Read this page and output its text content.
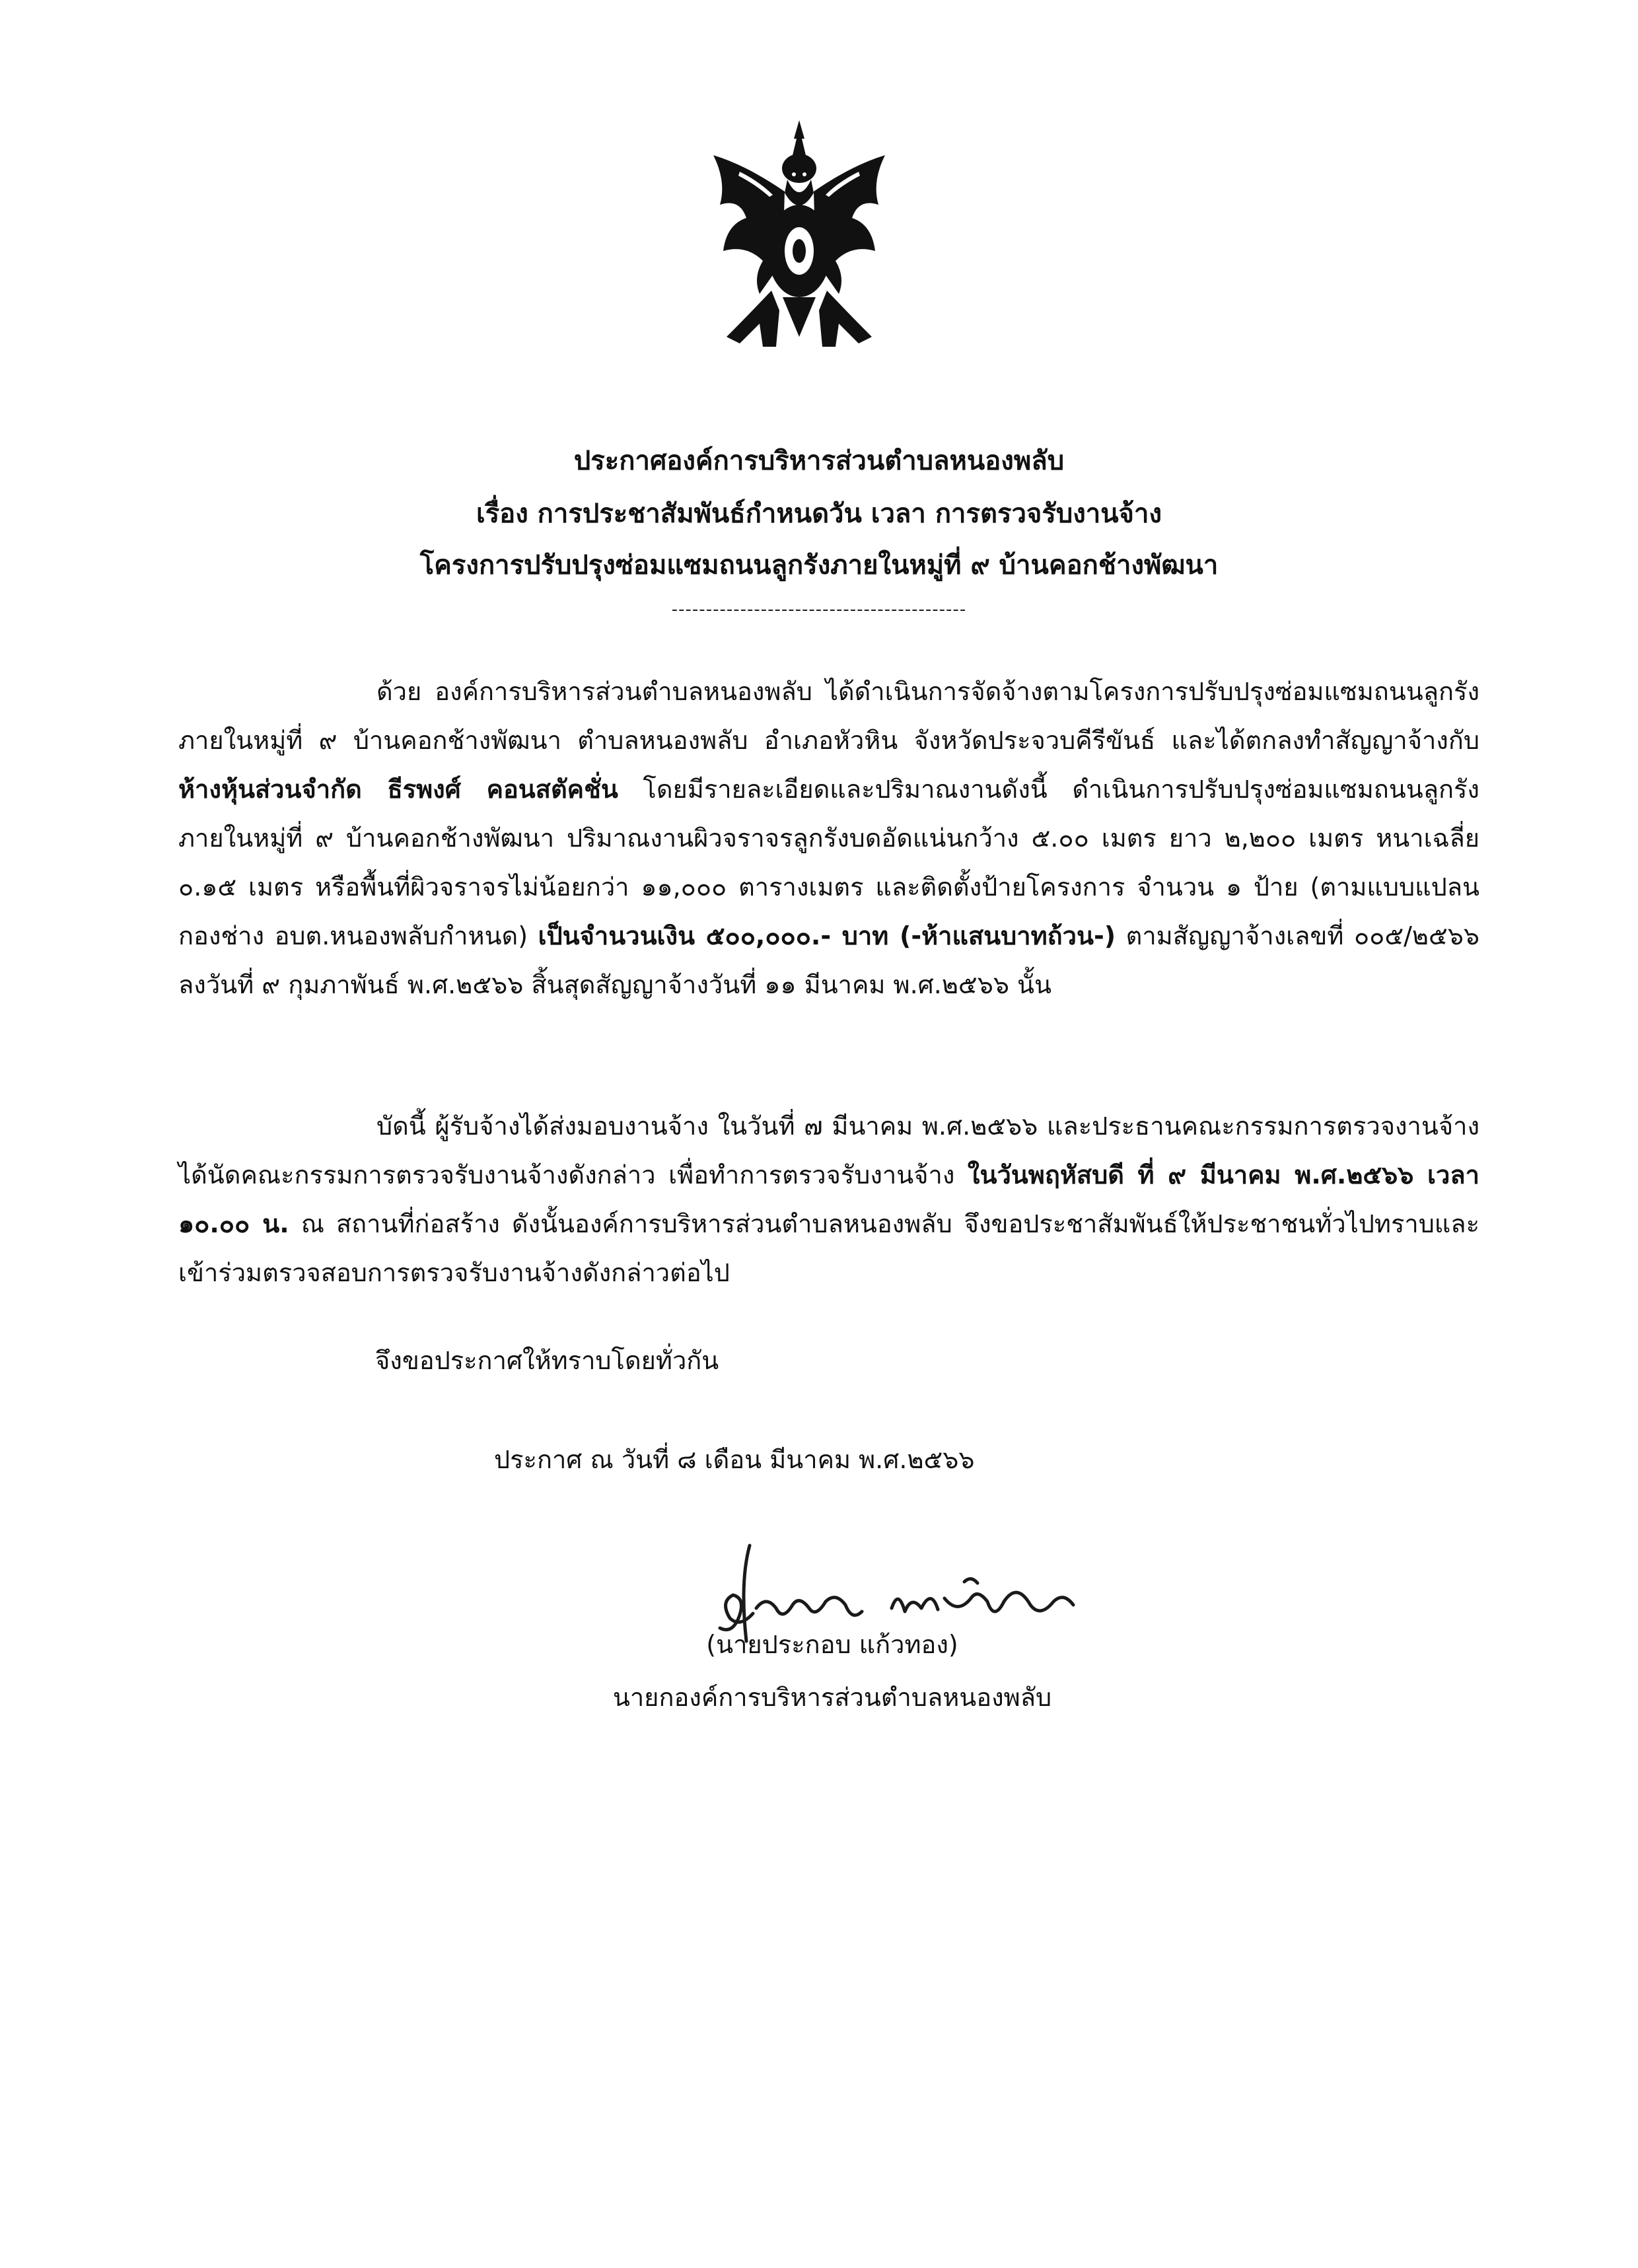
ประกาศองค์การบริหารส่วนตำบลหนองพลับ
เรื่อง การประชาสัมพันธ์กำหนดวัน เวลา การตรวจรับงานจ้าง
โครงการปรับปรุงซ่อมแซมถนนลูกรังภายในหมู่ที่ ๙ บ้านคอกช้างพัฒนา
-------------------------------------------
ด้วย องค์การบริหารส่วนตำบลหนองพลับ ได้ดำเนินการจัดจ้างตามโครงการปรับปรุงซ่อมแซมถนนลูกรังภายในหมู่ที่ ๙ บ้านคอกช้างพัฒนา ตำบลหนองพลับ อำเภอหัวหิน จังหวัดประจวบคีรีขันธ์ และได้ตกลงทำสัญญาจ้างกับ ห้างหุ้นส่วนจำกัด ธีรพงศ์ คอนสตัคชั่น โดยมีรายละเอียดและปริมาณงานดังนี้ ดำเนินการปรับปรุงซ่อมแซมถนนลูกรังภายในหมู่ที่ ๙ บ้านคอกช้างพัฒนา ปริมาณงานผิวจราจรลูกรังบดอัดแน่นกว้าง ๕.๐๐ เมตร ยาว ๒,๒๐๐ เมตร หนาเฉลี่ย ๐.๑๕ เมตร หรือพื้นที่ผิวจราจรไม่น้อยกว่า ๑๑,๐๐๐ ตารางเมตร และติดตั้งป้ายโครงการ จำนวน ๑ ป้าย (ตามแบบแปลน กองช่าง อบต.หนองพลับกำหนด) เป็นจำนวนเงิน ๕๐๐,๐๐๐.- บาท (-ห้าแสนบาทถ้วน-) ตามสัญญาจ้างเลขที่ ๐๐๕/๒๕๖๖ ลงวันที่ ๙ กุมภาพันธ์ พ.ศ.๒๕๖๖ สิ้นสุดสัญญาจ้างวันที่ ๑๑ มีนาคม พ.ศ.๒๕๖๖ นั้น
บัดนี้ ผู้รับจ้างได้ส่งมอบงานจ้าง ในวันที่ ๗ มีนาคม พ.ศ.๒๕๖๖ และประธานคณะกรรมการตรวจงานจ้างได้นัดคณะกรรมการตรวจรับงานจ้างดังกล่าว เพื่อทำการตรวจรับงานจ้าง ในวันพฤหัสบดี ที่ ๙ มีนาคม พ.ศ.๒๕๖๖ เวลา ๑๐.๐๐ น. ณ สถานที่ก่อสร้าง ดังนั้นองค์การบริหารส่วนตำบลหนองพลับ จึงขอประชาสัมพันธ์ให้ประชาชนทั่วไปทราบและเข้าร่วมตรวจสอบการตรวจรับงานจ้างดังกล่าวต่อไป
จึงขอประกาศให้ทราบโดยทั่วกัน
ประกาศ ณ วันที่ ๘ เดือน มีนาคม พ.ศ.๒๕๖๖
(นายประกอบ แก้วทอง)
นายกองค์การบริหารส่วนตำบลหนองพลับ
